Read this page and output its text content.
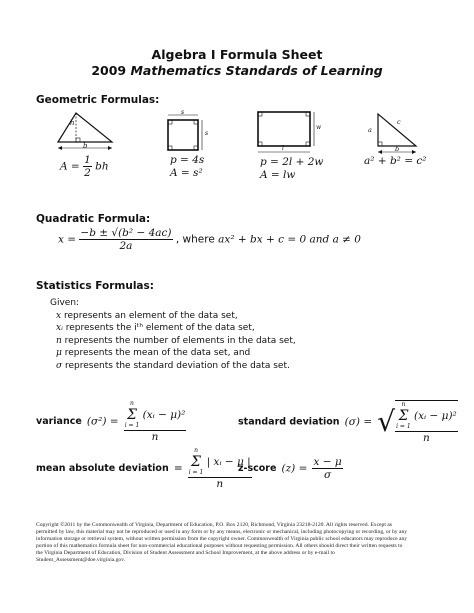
Algebra I Formula Sheet
2009 Mathematics Standards of Learning
Geometric Formulas:
h
b
$A = \frac{1}{2}$ bh
s
s
p = 4s
A = s²
w
l
p = 2l + 2w
A = lw
a
c
b
a² + b² = c²
Quadratic Formula:
$x = \frac{\text{−b ± √(b² − 4ac)}}{2a}$ , where ax² + bx + c = 0 and a ≠ 0
Statistics Formulas:
Given:
x represents an element of the data set,
xᵢ represents the iᵗʰ element of the data set,
n represents the number of elements in the data set,
μ represents the mean of the data set, and
σ represents the standard deviation of the data set.
variance (σ²) = n
Σ
i = 1
(xᵢ − μ)²
n	standard deviation (σ) = √ n
Σ
i = 1
(xᵢ − μ)²
n
mean absolute deviation = n
Σ
i = 1
| xᵢ − μ |
n
z-score $(z) = \frac{x - \mu}{\sigma}$
Copyright ©2011 by the Commonwealth of Virginia, Department of Education, P.O. Box 2120, Richmond, Virginia 23218-2120. All rights reserved. Except as permitted by law, this material may not be reproduced or used in any form or by any means, electronic or mechanical, including photocopying or recording, or by any information storage or retrieval system, without written permission from the copyright owner. Commonwealth of Virginia public school educators may reproduce any portion of this mathematics formula sheet for non-commercial educational purposes without requesting permission. All others should direct their written requests to the Virginia Department of Education, Division of Student Assessment and School Improvement, at the above address or by e-mail to Student_Assessment@doe.virginia.gov.
